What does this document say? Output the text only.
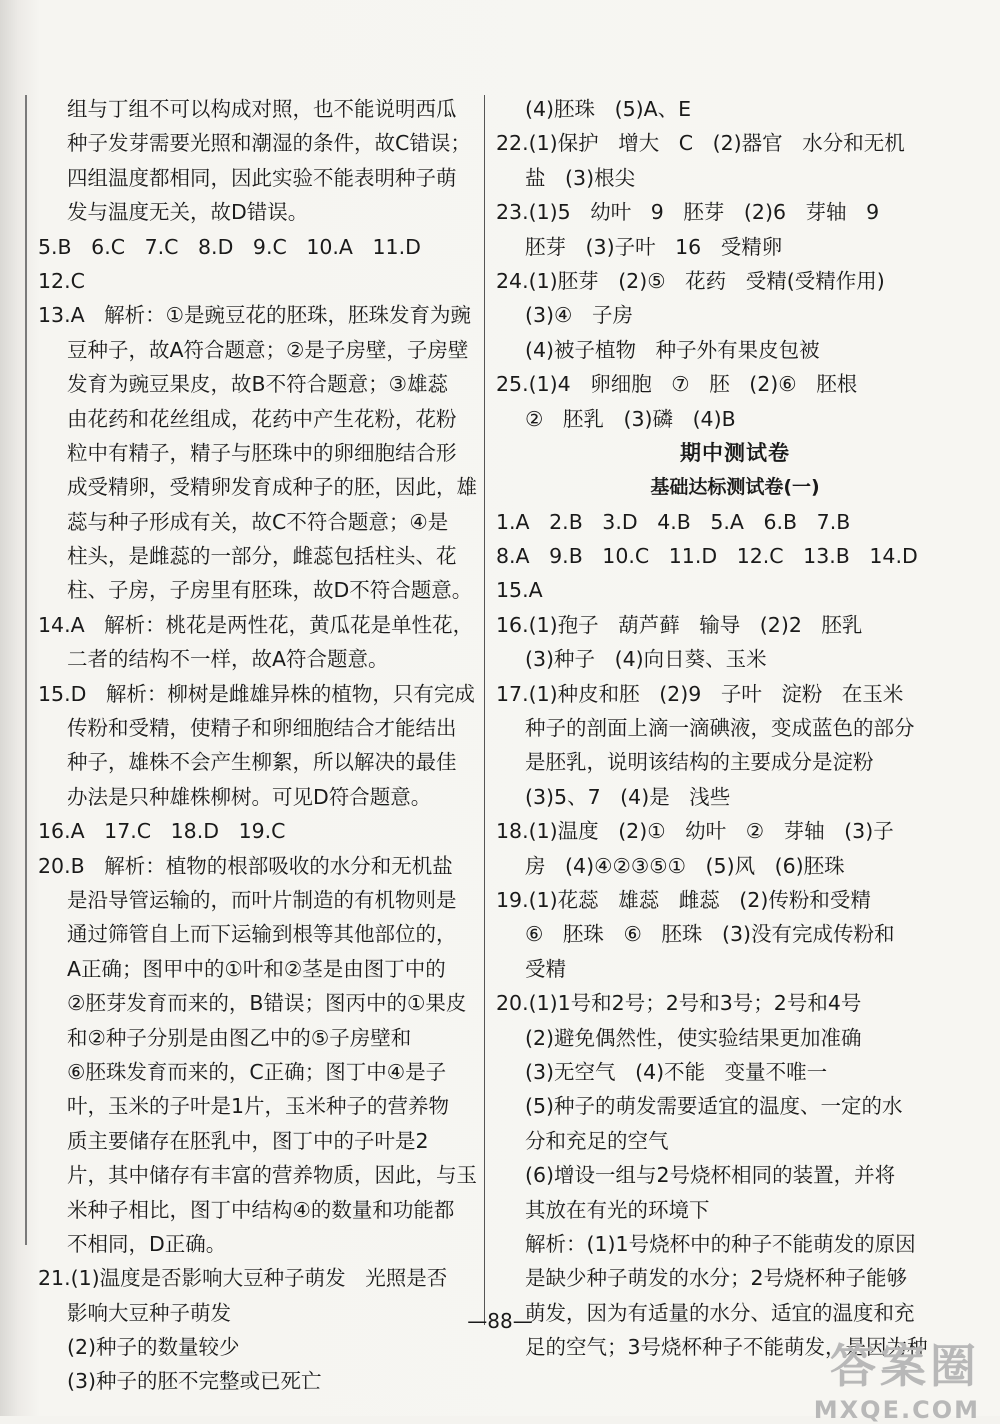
组与丁组不可以构成对照，也不能说明西瓜
种子发芽需要光照和潮湿的条件，故C错误；
四组温度都相同，因此实验不能表明种子萌
发与温度无关，故D错误。
5.B   6.C   7.C   8.D   9.C   10.A   11.D
12.C
13.A   解析：①是豌豆花的胚珠，胚珠发育为豌
豆种子，故A符合题意；②是子房壁，子房壁
发育为豌豆果皮，故B不符合题意；③雄蕊
由花药和花丝组成，花药中产生花粉，花粉
粒中有精子，精子与胚珠中的卵细胞结合形
成受精卵，受精卵发育成种子的胚，因此，雄
蕊与种子形成有关，故C不符合题意；④是
柱头，是雌蕊的一部分，雌蕊包括柱头、花
柱、子房，子房里有胚珠，故D不符合题意。
14.A   解析：桃花是两性花，黄瓜花是单性花，
二者的结构不一样，故A符合题意。
15.D   解析：柳树是雌雄异株的植物，只有完成
传粉和受精，使精子和卵细胞结合才能结出
种子，雄株不会产生柳絮，所以解决的最佳
办法是只种雄株柳树。可见D符合题意。
16.A   17.C   18.D   19.C
20.B   解析：植物的根部吸收的水分和无机盐
是沿导管运输的，而叶片制造的有机物则是
通过筛管自上而下运输到根等其他部位的，
A正确；图甲中的①叶和②茎是由图丁中的
②胚芽发育而来的，B错误；图丙中的①果皮
和②种子分别是由图乙中的⑤子房壁和
⑥胚珠发育而来的，C正确；图丁中④是子
叶，玉米的子叶是1片，玉米种子的营养物
质主要储存在胚乳中，图丁中的子叶是2
片，其中储存有丰富的营养物质，因此，与玉
米种子相比，图丁中结构④的数量和功能都
不相同，D正确。
21.(1)温度是否影响大豆种子萌发   光照是否
影响大豆种子萌发
(2)种子的数量较少
(3)种子的胚不完整或已死亡
(4)胚珠   (5)A、E
22.(1)保护   增大   C   (2)器官   水分和无机
盐   (3)根尖
23.(1)5   幼叶   9   胚芽   (2)6   芽轴   9
胚芽   (3)子叶   16   受精卵
24.(1)胚芽   (2)⑤   花药   受精(受精作用)
(3)④   子房
(4)被子植物   种子外有果皮包被
25.(1)4   卵细胞   ⑦   胚   (2)⑥   胚根
②   胚乳   (3)磷   (4)B
期中测试卷
基础达标测试卷(一)
1.A   2.B   3.D   4.B   5.A   6.B   7.B
8.A   9.B   10.C   11.D   12.C   13.B   14.D
15.A
16.(1)孢子   葫芦藓   输导   (2)2   胚乳
(3)种子   (4)向日葵、玉米
17.(1)种皮和胚   (2)9   子叶   淀粉   在玉米
种子的剖面上滴一滴碘液，变成蓝色的部分
是胚乳，说明该结构的主要成分是淀粉
(3)5、7   (4)是   浅些
18.(1)温度   (2)①   幼叶   ②   芽轴   (3)子
房   (4)④②③⑤①   (5)风   (6)胚珠
19.(1)花蕊   雄蕊   雌蕊   (2)传粉和受精
⑥   胚珠   ⑥   胚珠   (3)没有完成传粉和
受精
20.(1)1号和2号；2号和3号；2号和4号
(2)避免偶然性，使实验结果更加准确
(3)无空气   (4)不能   变量不唯一
(5)种子的萌发需要适宜的温度、一定的水
分和充足的空气
(6)增设一组与2号烧杯相同的装置，并将
其放在有光的环境下
解析：(1)1号烧杯中的种子不能萌发的原因
是缺少种子萌发的水分；2号烧杯种子能够
萌发，因为有适量的水分、适宜的温度和充
足的空气；3号烧杯种子不能萌发，是因为种
—88—
答案圈
MXQE.COM
